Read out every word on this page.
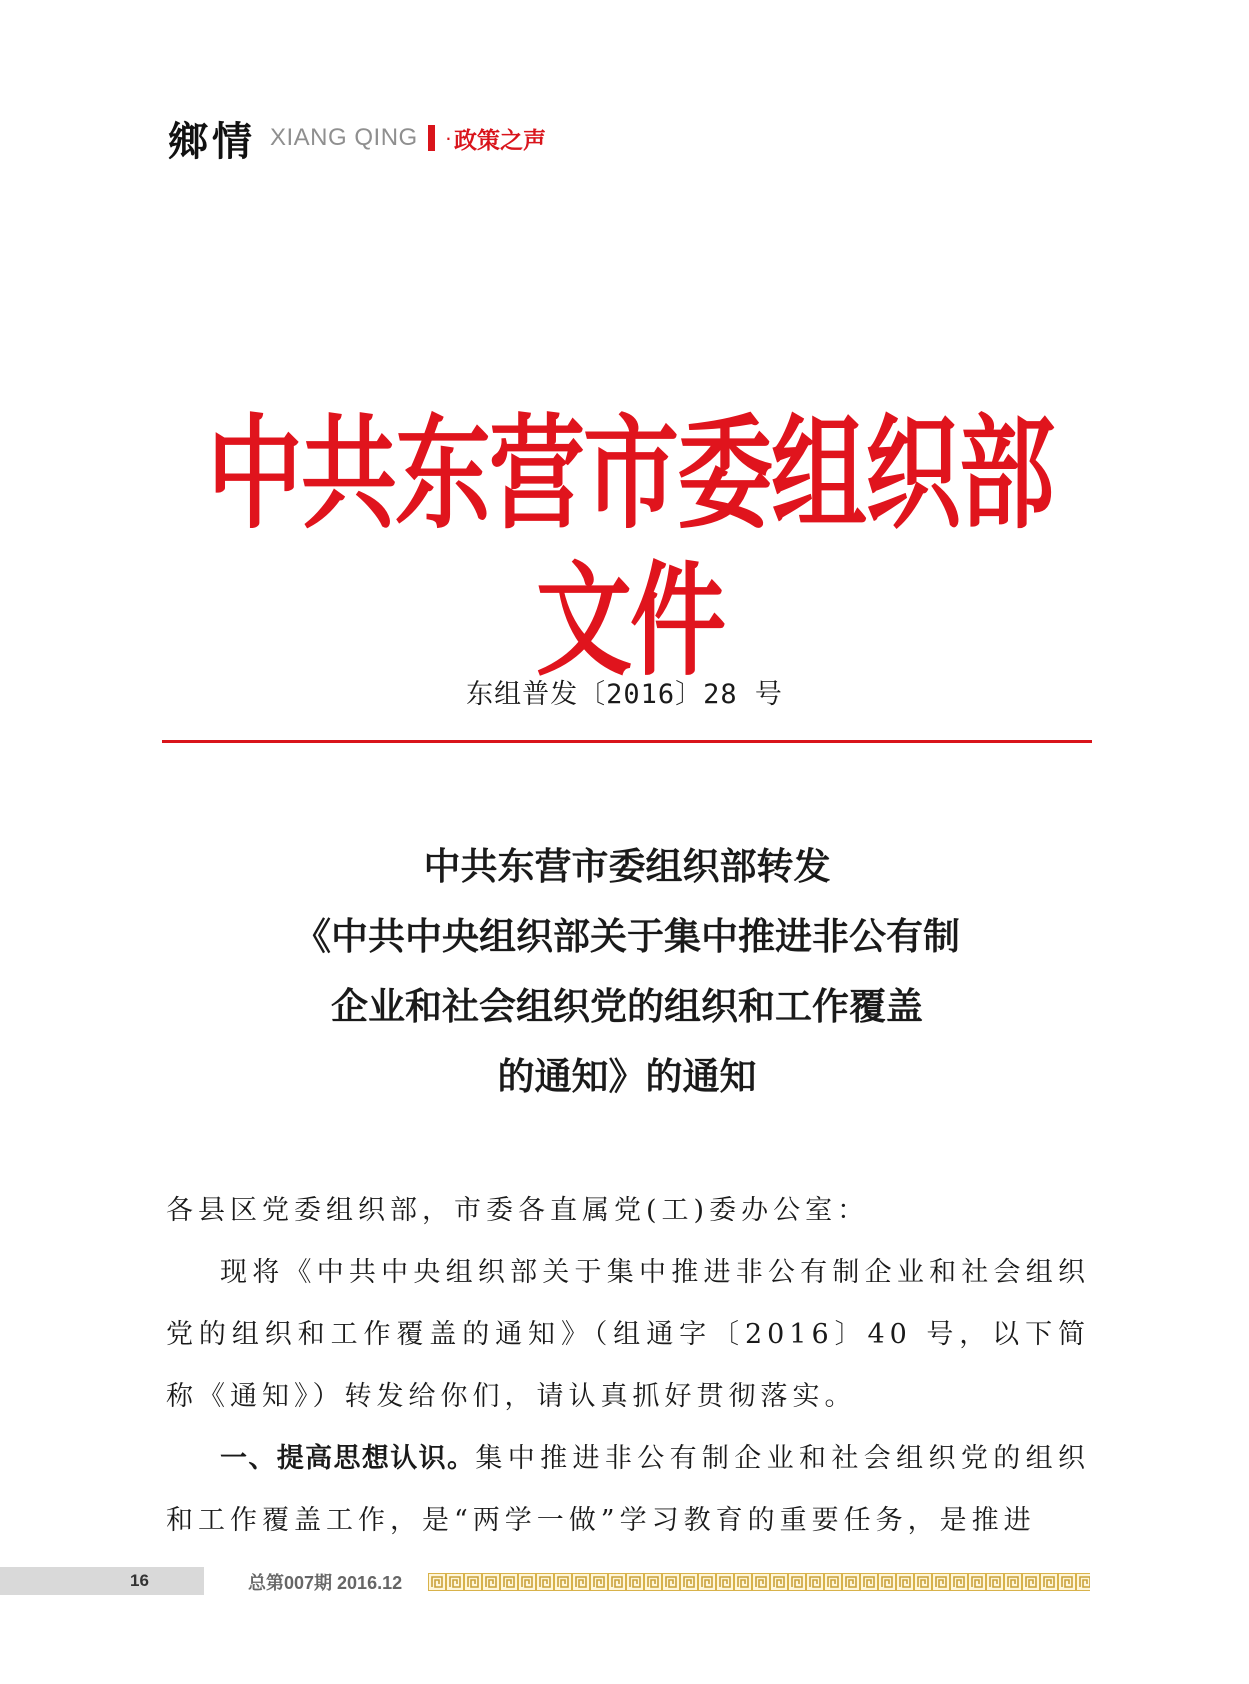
鄉情 XIANG QING · 政策之声
中共东营市委组织部文件
东组普发〔2016〕28 号
中共东营市委组织部转发
《中共中央组织部关于集中推进非公有制
企业和社会组织党的组织和工作覆盖
的通知》的通知

各县区党委组织部，市委各直属党(工)委办公室：

现将《中共中央组织部关于集中推进非公有制企业和社会组织党的组织和工作覆盖的通知》（组通字〔2016〕40 号，以下简称《通知》）转发给你们，请认真抓好贯彻落实。

一、提高思想认识。集中推进非公有制企业和社会组织党的组织和工作覆盖工作，是“两学一做”学习教育的重要任务，是推进

16	总第007期 2016.12
